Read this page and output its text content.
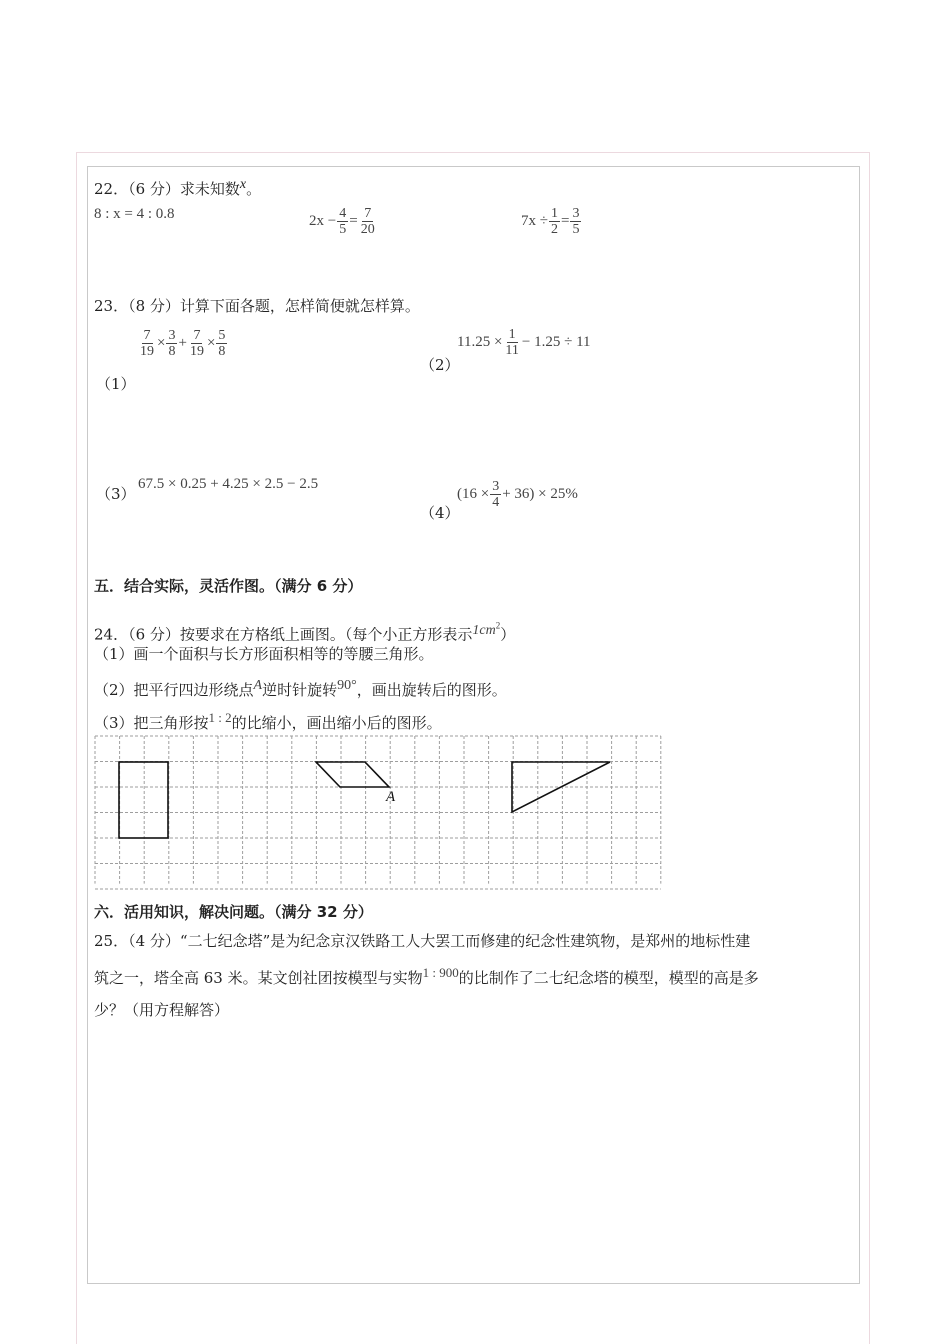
22．（6 分）求未知数x。
8 : x = 4 : 0.8	$2x - \frac{4}{5} = \frac{7}{20}$	$7x \div \frac{1}{2} = \frac{3}{5}$
23．（8 分）计算下面各题，怎样简便就怎样算。
$\frac{7}{19} \times \frac{3}{8} + \frac{7}{19} \times \frac{5}{8}$
（1）
（2）
$11.25 \times \frac{1}{11} - 1.25 \div 11$
（3）
67.5 × 0.25 + 4.25 × 2.5 − 2.5
（4）
$(16 \times \frac{3}{4} + 36) \times 25\%$
五．结合实际，灵活作图。（满分 6 分）
24．（6 分）按要求在方格纸上画图。（每个小正方形表示$1cm^2$）
（1）画一个面积与长方形面积相等的等腰三角形。
（2）把平行四边形绕点A逆时针旋转90°，画出旋转后的图形。
（3）把三角形按1 : 2的比缩小，画出缩小后的图形。
A
六．活用知识，解决问题。（满分 32 分）
25．（4 分）“二七纪念塔”是为纪念京汉铁路工人大罢工而修建的纪念性建筑物，是郑州的地标性建
筑之一，塔全高 63 米。某文创社团按模型与实物1 : 900的比制作了二七纪念塔的模型，模型的高是多
少？（用方程解答）
